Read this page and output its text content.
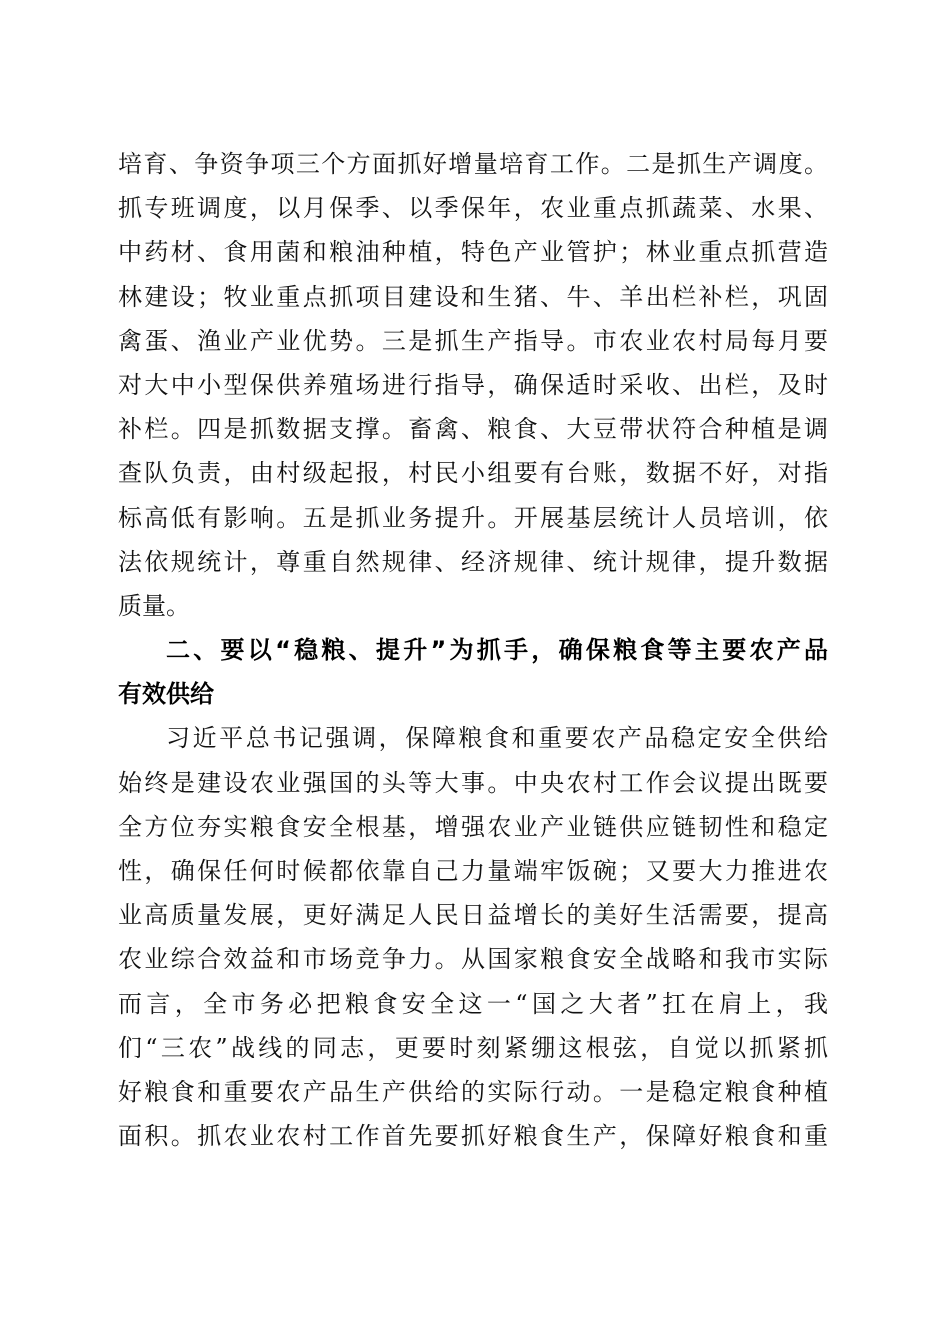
培育、争资争项三个方面抓好增量培育工作。二是抓生产调度。
抓专班调度，以月保季、以季保年，农业重点抓蔬菜、水果、
中药材、食用菌和粮油种植，特色产业管护；林业重点抓营造
林建设；牧业重点抓项目建设和生猪、牛、羊出栏补栏，巩固
禽蛋、渔业产业优势。三是抓生产指导。市农业农村局每月要
对大中小型保供养殖场进行指导，确保适时采收、出栏，及时
补栏。四是抓数据支撑。畜禽、粮食、大豆带状符合种植是调
查队负责，由村级起报，村民小组要有台账，数据不好，对指
标高低有影响。五是抓业务提升。开展基层统计人员培训，依
法依规统计，尊重自然规律、经济规律、统计规律，提升数据
质量。
二、要以“稳粮、提升”为抓手，确保粮食等主要农产品
有效供给
习近平总书记强调，保障粮食和重要农产品稳定安全供给
始终是建设农业强国的头等大事。中央农村工作会议提出既要
全方位夯实粮食安全根基，增强农业产业链供应链韧性和稳定
性，确保任何时候都依靠自己力量端牢饭碗；又要大力推进农
业高质量发展，更好满足人民日益增长的美好生活需要，提高
农业综合效益和市场竞争力。从国家粮食安全战略和我市实际
而言，全市务必把粮食安全这一“国之大者”扛在肩上，我
们“三农”战线的同志，更要时刻紧绷这根弦，自觉以抓紧抓
好粮食和重要农产品生产供给的实际行动。一是稳定粮食种植
面积。抓农业农村工作首先要抓好粮食生产，保障好粮食和重
